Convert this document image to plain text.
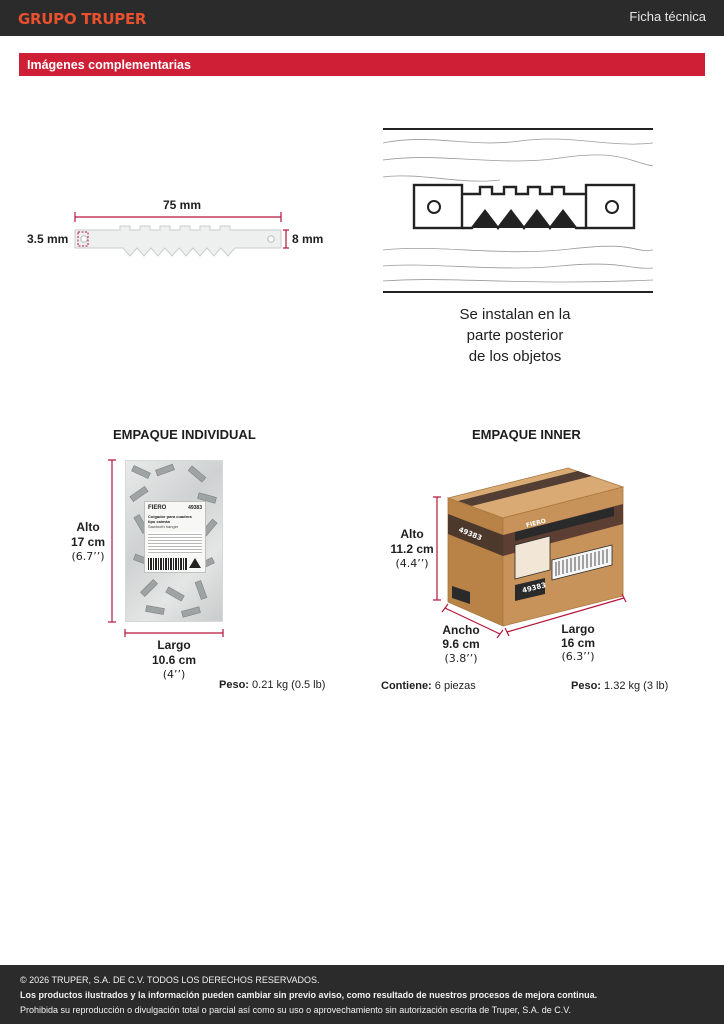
GRUPO TRUPER	Ficha técnica
Imágenes complementarias
75 mm
3.5 mm	8 mm
Se instalan en la
parte posterior
de los objetos
EMPAQUE INDIVIDUAL
FIERO	49383
Colgador para cuadros
tipo caimán
Sawtooth hanger
Alto
17 cm
(6.7’’)
Largo
10.6 cm
(4’’)
Peso: 0.21 kg (0.5 lb)
EMPAQUE INNER
FIERO
49383
49383
Alto
11.2 cm
(4.4’’)
Ancho
9.6 cm
(3.8’’)
Largo
16 cm
(6.3’’)
Contiene: 6 piezas	Peso: 1.32 kg (3 lb)
© 2026 TRUPER, S.A. DE C.V. TODOS LOS DERECHOS RESERVADOS.
Los productos ilustrados y la información pueden cambiar sin previo aviso, como resultado de nuestros procesos de mejora continua.
Prohibida su reproducción o divulgación total o parcial así como su uso o aprovechamiento sin autorización escrita de Truper, S.A. de C.V.
